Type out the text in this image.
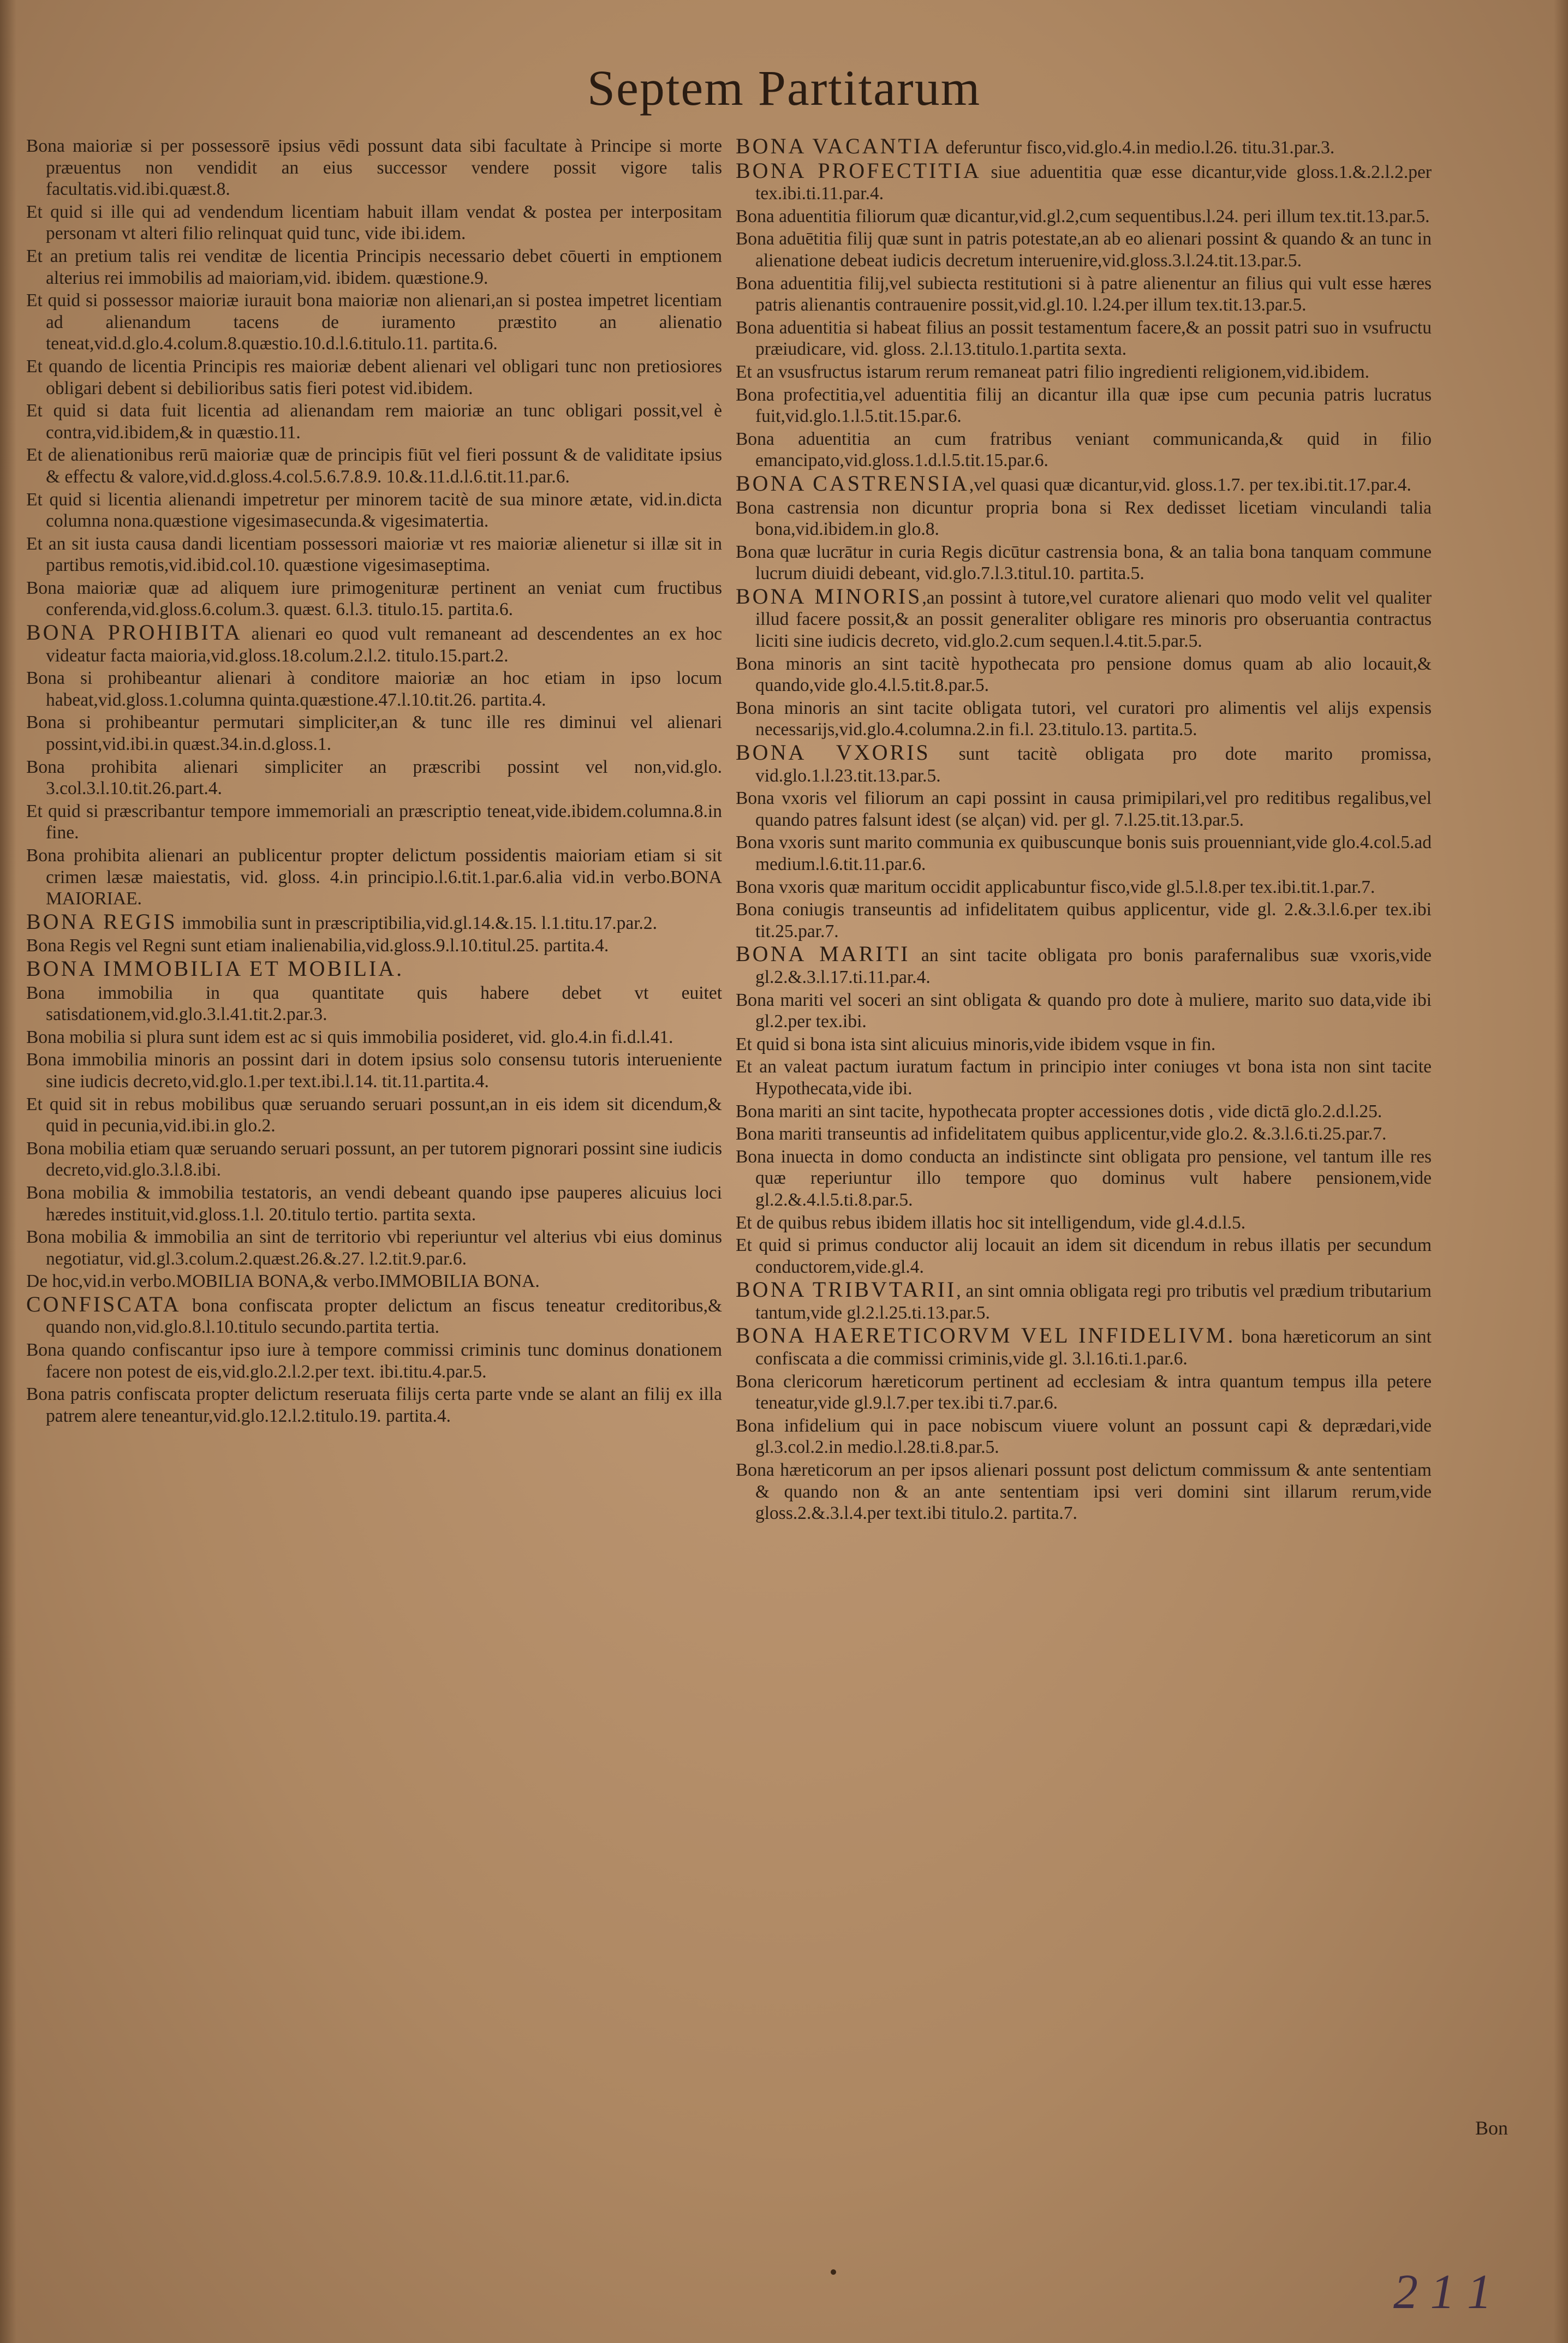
Septem Partitarum

Bona maioriæ si per possessorē ipsius vēdi possunt data sibi facultate à Principe si morte præuentus non vendidit an eius successor vendere possit vigore talis facultatis.vid.ibi.quæst.8.

Et quid si ille qui ad vendendum licentiam habuit illam vendat & postea per interpositam personam vt alteri filio relinquat quid tunc, vide ibi.idem.

Et an pretium talis rei venditæ de licentia Principis necessario debet cōuerti in emptionem alterius rei immobilis ad maioriam,vid. ibidem. quæstione.9.

Et quid si possessor maioriæ iurauit bona maioriæ non alienari,an si postea impetret licentiam ad alienandum tacens de iuramento præstito an alienatio teneat,vid.d.glo.4.colum.8.quæstio.10.d.l.6.titulo.11. partita.6.

Et quando de licentia Principis res maioriæ debent alienari vel obligari tunc non pretiosiores obligari debent si debilioribus satis fieri potest vid.ibidem.

Et quid si data fuit licentia ad alienandam rem maioriæ an tunc obligari possit,vel è contra,vid.ibidem,& in quæstio.11.

Et de alienationibus rerū maioriæ quæ de principis fiūt vel fieri possunt & de validitate ipsius & effectu & valore,vid.d.gloss.4.col.5.6.7.8.9. 10.&.11.d.l.6.tit.11.par.6.

Et quid si licentia alienandi impetretur per minorem tacitè de sua minore ætate, vid.in.dicta columna nona.quæstione vigesimasecunda.& vigesimatertia.

Et an sit iusta causa dandi licentiam possessori maioriæ vt res maioriæ alienetur si illæ sit in partibus remotis,vid.ibid.col.10. quæstione vigesimaseptima.

Bona maioriæ quæ ad aliquem iure primogenituræ pertinent an veniat cum fructibus conferenda,vid.gloss.6.colum.3. quæst. 6.l.3. titulo.15. partita.6.

BONA PROHIBITA alienari eo quod vult remaneant ad descendentes an ex hoc videatur facta maioria,vid.gloss.18.colum.2.l.2. titulo.15.part.2.

Bona si prohibeantur alienari à conditore maioriæ an hoc etiam in ipso locum habeat,vid.gloss.1.columna quinta.quæstione.47.l.10.tit.26. partita.4.

Bona si prohibeantur permutari simpliciter,an & tunc ille res diminui vel alienari possint,vid.ibi.in quæst.34.in.d.gloss.1.

Bona prohibita alienari simpliciter an præscribi possint vel non,vid.glo. 3.col.3.l.10.tit.26.part.4.

Et quid si præscribantur tempore immemoriali an præscriptio teneat,vide.ibidem.columna.8.in fine.

Bona prohibita alienari an publicentur propter delictum possidentis maioriam etiam si sit crimen læsæ maiestatis, vid. gloss. 4.in principio.l.6.tit.1.par.6.alia vid.in verbo.BONA MAIORIAE.

BONA REGIS immobilia sunt in præscriptibilia,vid.gl.14.&.15. l.1.titu.17.par.2.

Bona Regis vel Regni sunt etiam inalienabilia,vid.gloss.9.l.10.titul.25. partita.4.

BONA IMMOBILIA ET MOBILIA.

Bona immobilia in qua quantitate quis habere debet vt euitet satisdationem,vid.glo.3.l.41.tit.2.par.3.

Bona mobilia si plura sunt idem est ac si quis immobilia posideret, vid. glo.4.in fi.d.l.41.

Bona immobilia minoris an possint dari in dotem ipsius solo consensu tutoris interueniente sine iudicis decreto,vid.glo.1.per text.ibi.l.14. tit.11.partita.4.

Et quid sit in rebus mobilibus quæ seruando seruari possunt,an in eis idem sit dicendum,& quid in pecunia,vid.ibi.in glo.2.

Bona mobilia etiam quæ seruando seruari possunt, an per tutorem pignorari possint sine iudicis decreto,vid.glo.3.l.8.ibi.

Bona mobilia & immobilia testatoris, an vendi debeant quando ipse pauperes alicuius loci hæredes instituit,vid.gloss.1.l. 20.titulo tertio. partita sexta.

Bona mobilia & immobilia an sint de territorio vbi reperiuntur vel alterius vbi eius dominus negotiatur, vid.gl.3.colum.2.quæst.26.&.27. l.2.tit.9.par.6.

De hoc,vid.in verbo.MOBILIA BONA,& verbo.IMMOBILIA BONA.

CONFISCATA bona confiscata propter delictum an fiscus teneatur creditoribus,& quando non,vid.glo.8.l.10.titulo secundo.partita tertia.

Bona quando confiscantur ipso iure à tempore commissi criminis tunc dominus donationem facere non potest de eis,vid.glo.2.l.2.per text. ibi.titu.4.par.5.

Bona patris confiscata propter delictum reseruata filijs certa parte vnde se alant an filij ex illa patrem alere teneantur,vid.glo.12.l.2.titulo.19. partita.4.

BONA VACANTIA deferuntur fisco,vid.glo.4.in medio.l.26. titu.31.par.3.

BONA PROFECTITIA siue aduentitia quæ esse dicantur,vide gloss.1.&.2.l.2.per tex.ibi.ti.11.par.4.

Bona aduentitia filiorum quæ dicantur,vid.gl.2,cum sequentibus.l.24. peri illum tex.tit.13.par.5.

Bona aduētitia filij quæ sunt in patris potestate,an ab eo alienari possint & quando & an tunc in alienatione debeat iudicis decretum interuenire,vid.gloss.3.l.24.tit.13.par.5.

Bona aduentitia filij,vel subiecta restitutioni si à patre alienentur an filius qui vult esse hæres patris alienantis contrauenire possit,vid.gl.10. l.24.per illum tex.tit.13.par.5.

Bona aduentitia si habeat filius an possit testamentum facere,& an possit patri suo in vsufructu præiudicare, vid. gloss. 2.l.13.titulo.1.partita sexta.

Et an vsusfructus istarum rerum remaneat patri filio ingredienti religionem,vid.ibidem.

Bona profectitia,vel aduentitia filij an dicantur illa quæ ipse cum pecunia patris lucratus fuit,vid.glo.1.l.5.tit.15.par.6.

Bona aduentitia an cum fratribus veniant communicanda,& quid in filio emancipato,vid.gloss.1.d.l.5.tit.15.par.6.

BONA CASTRENSIA,vel quasi quæ dicantur,vid. gloss.1.7. per tex.ibi.tit.17.par.4.

Bona castrensia non dicuntur propria bona si Rex dedisset licetiam vinculandi talia bona,vid.ibidem.in glo.8.

Bona quæ lucrātur in curia Regis dicūtur castrensia bona, & an talia bona tanquam commune lucrum diuidi debeant, vid.glo.7.l.3.titul.10. partita.5.

BONA MINORIS,an possint à tutore,vel curatore alienari quo modo velit vel qualiter illud facere possit,& an possit generaliter obligare res minoris pro obseruantia contractus liciti sine iudicis decreto, vid.glo.2.cum sequen.l.4.tit.5.par.5.

Bona minoris an sint tacitè hypothecata pro pensione domus quam ab alio locauit,& quando,vide glo.4.l.5.tit.8.par.5.

Bona minoris an sint tacite obligata tutori, vel curatori pro alimentis vel alijs expensis necessarijs,vid.glo.4.columna.2.in fi.l. 23.titulo.13. partita.5.

BONA VXORIS sunt tacitè obligata pro dote marito promissa, vid.glo.1.l.23.tit.13.par.5.

Bona vxoris vel filiorum an capi possint in causa primipilari,vel pro reditibus regalibus,vel quando patres falsunt idest (se alçan) vid. per gl. 7.l.25.tit.13.par.5.

Bona vxoris sunt marito communia ex quibuscunque bonis suis prouenniant,vide glo.4.col.5.ad medium.l.6.tit.11.par.6.

Bona vxoris quæ maritum occidit applicabuntur fisco,vide gl.5.l.8.per tex.ibi.tit.1.par.7.

Bona coniugis transeuntis ad infidelitatem quibus applicentur, vide gl. 2.&.3.l.6.per tex.ibi tit.25.par.7.

BONA MARITI an sint tacite obligata pro bonis parafernalibus suæ vxoris,vide gl.2.&.3.l.17.ti.11.par.4.

Bona mariti vel soceri an sint obligata & quando pro dote à muliere, marito suo data,vide ibi gl.2.per tex.ibi.

Et quid si bona ista sint alicuius minoris,vide ibidem vsque in fin.

Et an valeat pactum iuratum factum in principio inter coniuges vt bona ista non sint tacite Hypothecata,vide ibi.

Bona mariti an sint tacite, hypothecata propter accessiones dotis , vide dictā glo.2.d.l.25.

Bona mariti transeuntis ad infidelitatem quibus applicentur,vide glo.2. &.3.l.6.ti.25.par.7.

Bona inuecta in domo conducta an indistincte sint obligata pro pensione, vel tantum ille res quæ reperiuntur illo tempore quo dominus vult habere pensionem,vide gl.2.&.4.l.5.ti.8.par.5.

Et de quibus rebus ibidem illatis hoc sit intelligendum, vide gl.4.d.l.5.

Et quid si primus conductor alij locauit an idem sit dicendum in rebus illatis per secundum conductorem,vide.gl.4.

BONA TRIBVTARII, an sint omnia obligata regi pro tributis vel prædium tributarium tantum,vide gl.2.l.25.ti.13.par.5.

BONA HAERETICORVM VEL INFIDELIVM. bona hæreticorum an sint confiscata a die commissi criminis,vide gl. 3.l.16.ti.1.par.6.

Bona clericorum hæreticorum pertinent ad ecclesiam & intra quantum tempus illa petere teneatur,vide gl.9.l.7.per tex.ibi ti.7.par.6.

Bona infidelium qui in pace nobiscum viuere volunt an possunt capi & deprædari,vide gl.3.col.2.in medio.l.28.ti.8.par.5.

Bona hæreticorum an per ipsos alienari possunt post delictum commissum & ante sententiam & quando non & an ante sententiam ipsi veri domini sint illarum rerum,vide gloss.2.&.3.l.4.per text.ibi titulo.2. partita.7.

Bon
2 1 1
